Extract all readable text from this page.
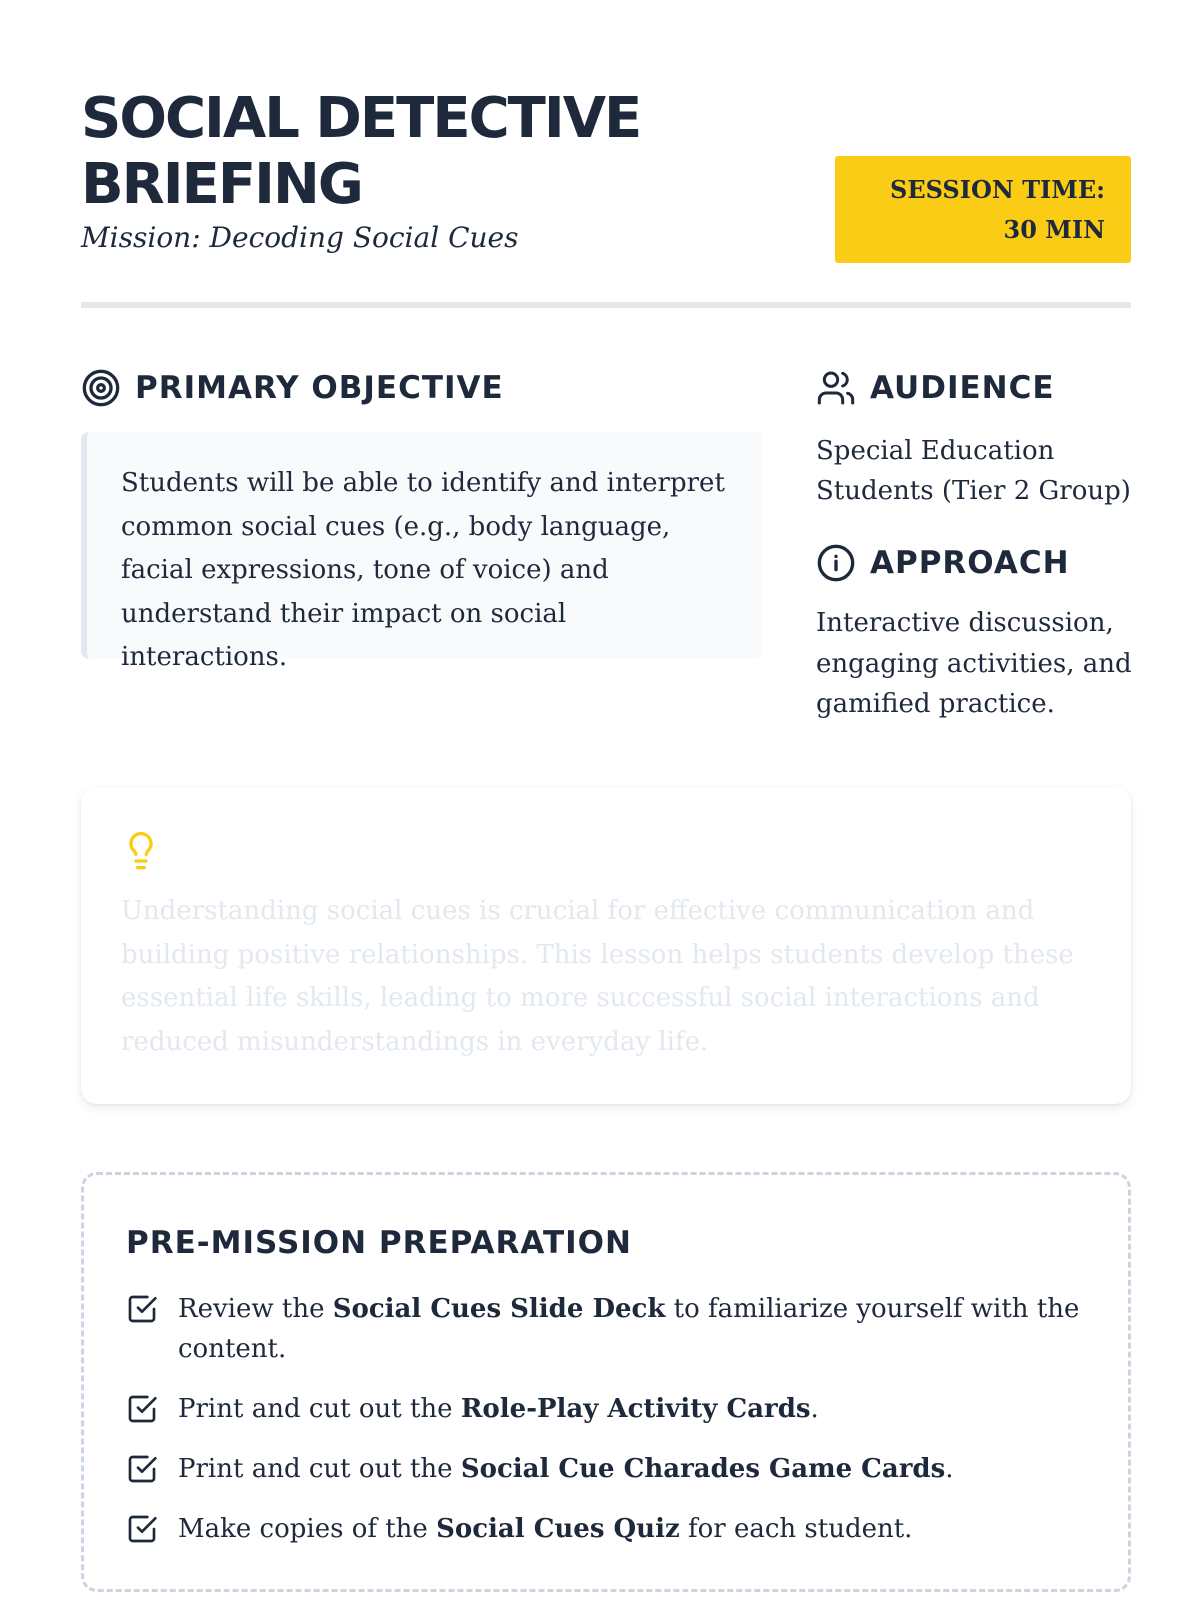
SOCIAL DETECTIVE BRIEFING

Mission: Decoding Social Cues

SESSION TIME: 30 MIN
PRIMARY OBJECTIVE
Students will be able to identify and interpret common social cues (e.g., body language, facial expressions, tone of voice) and understand their impact on social interactions.
AUDIENCE

Special Education Students (Tier 2 Group)

APPROACH

Interactive discussion, engaging activities, and gamified practice.

Understanding social cues is crucial for effective communication and building positive relationships. This lesson helps students develop these essential life skills, leading to more successful social interactions and reduced misunderstandings in everyday life.

PRE-MISSION PREPARATION
Review the Social Cues Slide Deck to familiarize yourself with the content.
Print and cut out the Role-Play Activity Cards.
Print and cut out the Social Cue Charades Game Cards.
Make copies of the Social Cues Quiz for each student.
